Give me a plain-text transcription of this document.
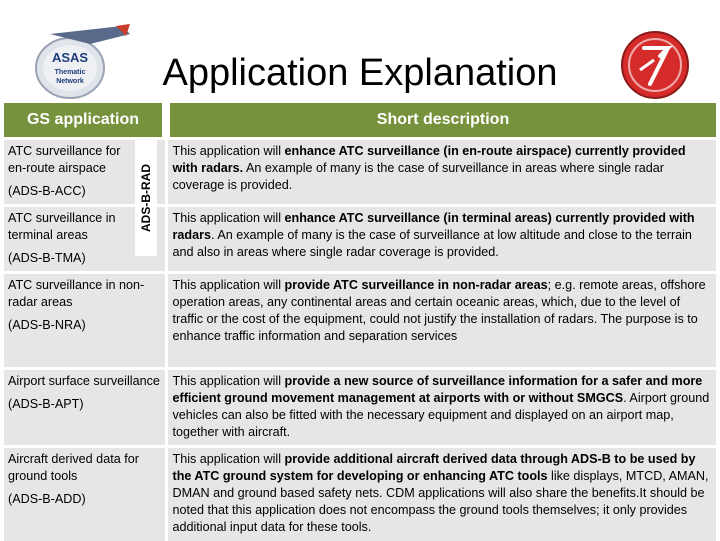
ASAS
Thematic
Network	Application Explanation
GS application	Short description
ATC surveillance for en-route airspace
(ADS-B-ACC)	This application will enhance ATC surveillance (in en-route airspace) currently provided with radars. An example of many is the case of surveillance in areas where single radar coverage is provided.
ATC surveillance in terminal areas
(ADS-B-TMA)	This application will enhance ATC surveillance (in terminal areas) currently provided with radars. An example of many is the case of surveillance at low altitude and close to the terrain and also in areas where single radar coverage is provided.
ATC surveillance in non-radar areas
(ADS-B-NRA)	This application will provide ATC surveillance in non-radar areas; e.g. remote areas, offshore operation areas, any continental areas and certain oceanic areas, which, due to the level of traffic or the cost of the equipment, could not justify the installation of radars. The purpose is to enhance traffic information and separation services
Airport surface surveillance
(ADS-B-APT)	This application will provide a new source of surveillance information for a safer and more efficient ground movement management at airports with or without SMGCS. Airport ground vehicles can also be fitted with the necessary equipment and displayed on an airport map, together with aircraft.
Aircraft derived data for ground tools
(ADS-B-ADD)	This application will provide additional aircraft derived data through ADS-B to be used by the ATC ground system for developing or enhancing ATC tools like displays, MTCD, AMAN, DMAN and ground based safety nets. CDM applications will also share the benefits.It should be noted that this application does not encompass the ground tools themselves; it only provides additional input data for these tools.
ADS-B-RAD
